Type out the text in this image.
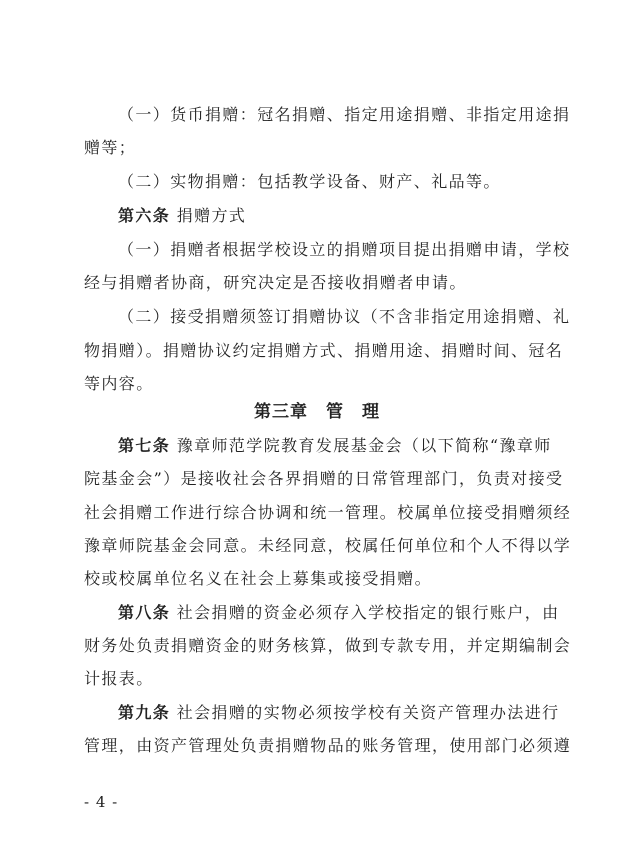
（一）货币捐赠：冠名捐赠、指定用途捐赠、非指定用途捐
赠等；
（二）实物捐赠：包括教学设备、财产、礼品等。
第六条 捐赠方式
（一）捐赠者根据学校设立的捐赠项目提出捐赠申请，学校
经与捐赠者协商，研究决定是否接收捐赠者申请。
（二）接受捐赠须签订捐赠协议（不含非指定用途捐赠、礼
物捐赠）。捐赠协议约定捐赠方式、捐赠用途、捐赠时间、冠名
等内容。
第三章　管　理
第七条 豫章师范学院教育发展基金会（以下简称“豫章师
院基金会”）是接收社会各界捐赠的日常管理部门，负责对接受
社会捐赠工作进行综合协调和统一管理。校属单位接受捐赠须经
豫章师院基金会同意。未经同意，校属任何单位和个人不得以学
校或校属单位名义在社会上募集或接受捐赠。
第八条 社会捐赠的资金必须存入学校指定的银行账户，由
财务处负责捐赠资金的财务核算，做到专款专用，并定期编制会
计报表。
第九条 社会捐赠的实物必须按学校有关资产管理办法进行
管理，由资产管理处负责捐赠物品的账务管理，使用部门必须遵
- 4 -
